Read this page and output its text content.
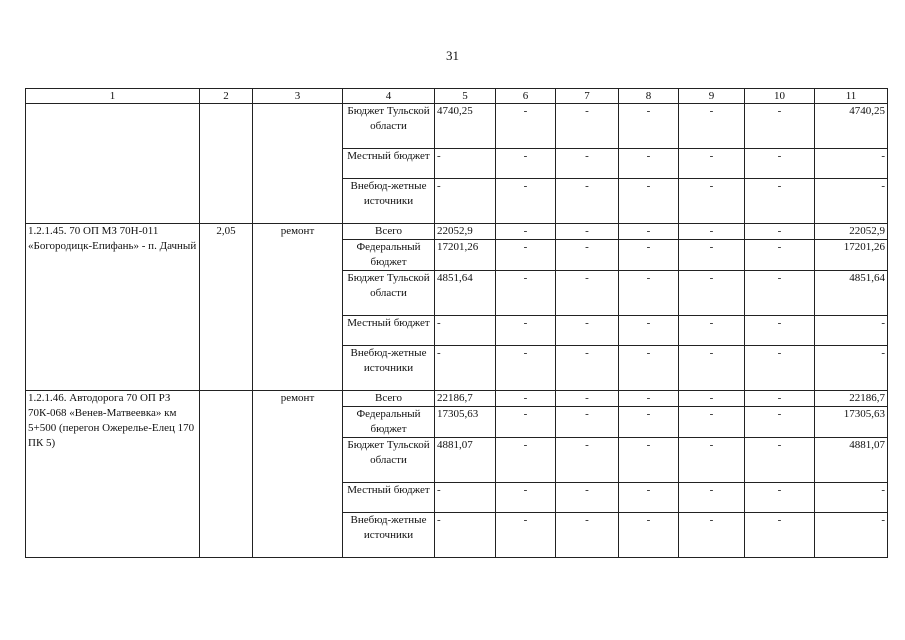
31
1	2	3	4	5	6	7	8	9	10	11
			Бюджет Тульской области	4740,25	-	-	-	-	-	4740,25
			Местный бюджет	-	-	-	-	-	-	-
			Внебюд-жетные источники	-	-	-	-	-	-	-
1.2.1.45. 70 ОП МЗ 70Н-011 «Богородицк-Епифань» - п. Дачный	2,05	ремонт	Всего	22052,9	-	-	-	-	-	22052,9
			Федеральный бюджет	17201,26	-	-	-	-	-	17201,26
			Бюджет Тульской области	4851,64	-	-	-	-	-	4851,64
			Местный бюджет	-	-	-	-	-	-	-
			Внебюд-жетные источники	-	-	-	-	-	-	-
1.2.1.46. Автодорога 70 ОП РЗ 70К-068 «Венев-Матвеевка» км 5+500 (перегон Ожерелье-Елец 170 ПК 5)		ремонт	Всего	22186,7	-	-	-	-	-	22186,7
			Федеральный бюджет	17305,63	-	-	-	-	-	17305,63
			Бюджет Тульской области	4881,07	-	-	-	-	-	4881,07
			Местный бюджет	-	-	-	-	-	-	-
			Внебюд-жетные источники	-	-	-	-	-	-	-
